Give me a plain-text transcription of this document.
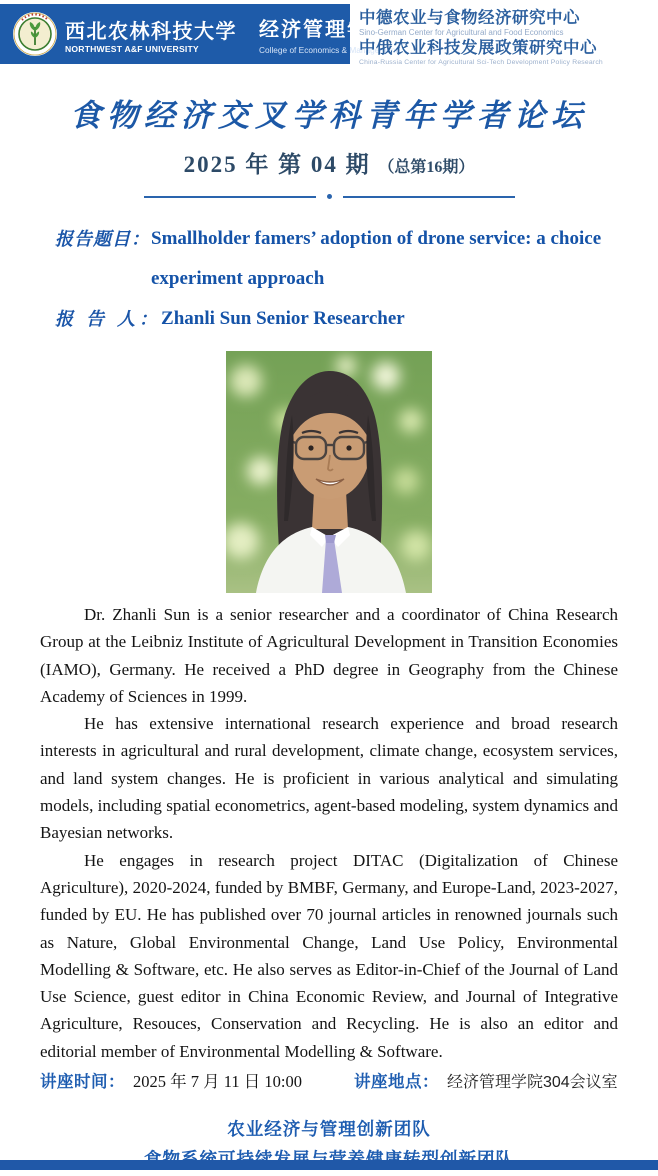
西北农林科技大学
NORTHWEST A&F UNIVERSITY
经济管理学院
College of Economics & Management
中德农业与食物经济研究中心
Sino-German Center for Agricultural and Food Economics
中俄农业科技发展政策研究中心
China-Russia Center for Agricultural Sci-Tech Development Policy Research
食物经济交叉学科青年学者论坛
2025 年 第 04 期 （总第16期）
报告题目： Smallholder famers’ adoption of drone service: a choice experiment approach
报 告 人： Zhanli Sun Senior Researcher

Dr. Zhanli Sun is a senior researcher and a coordinator of China Research Group at the Leibniz Institute of Agricultural Development in Transition Economies (IAMO), Germany. He received a PhD degree in Geography from the Chinese Academy of Sciences in 1999.

He has extensive international research experience and broad research interests in agricultural and rural development, climate change, ecosystem services, and land system changes. He is proficient in various analytical and simulating models, including spatial econometrics, agent-based modeling, system dynamics and Bayesian networks.

He engages in research project DITAC (Digitalization of Chinese Agriculture), 2020-2024, funded by BMBF, Germany, and Europe-Land, 2023-2027, funded by EU. He has published over 70 journal articles in renowned journals such as Nature, Global Environmental Change, Land Use Policy, Environmental Modelling & Software, etc. He also serves as Editor-in-Chief of the Journal of Land Use Science, guest editor in China Economic Review, and Journal of Integrative Agriculture, Resouces, Conservation and Recycling. He is also an editor and editorial member of Environmental Modelling & Software.

讲座时间： 2025 年 7 月 11 日 10:00	讲座地点： 经济管理学院304会议室
农业经济与管理创新团队
